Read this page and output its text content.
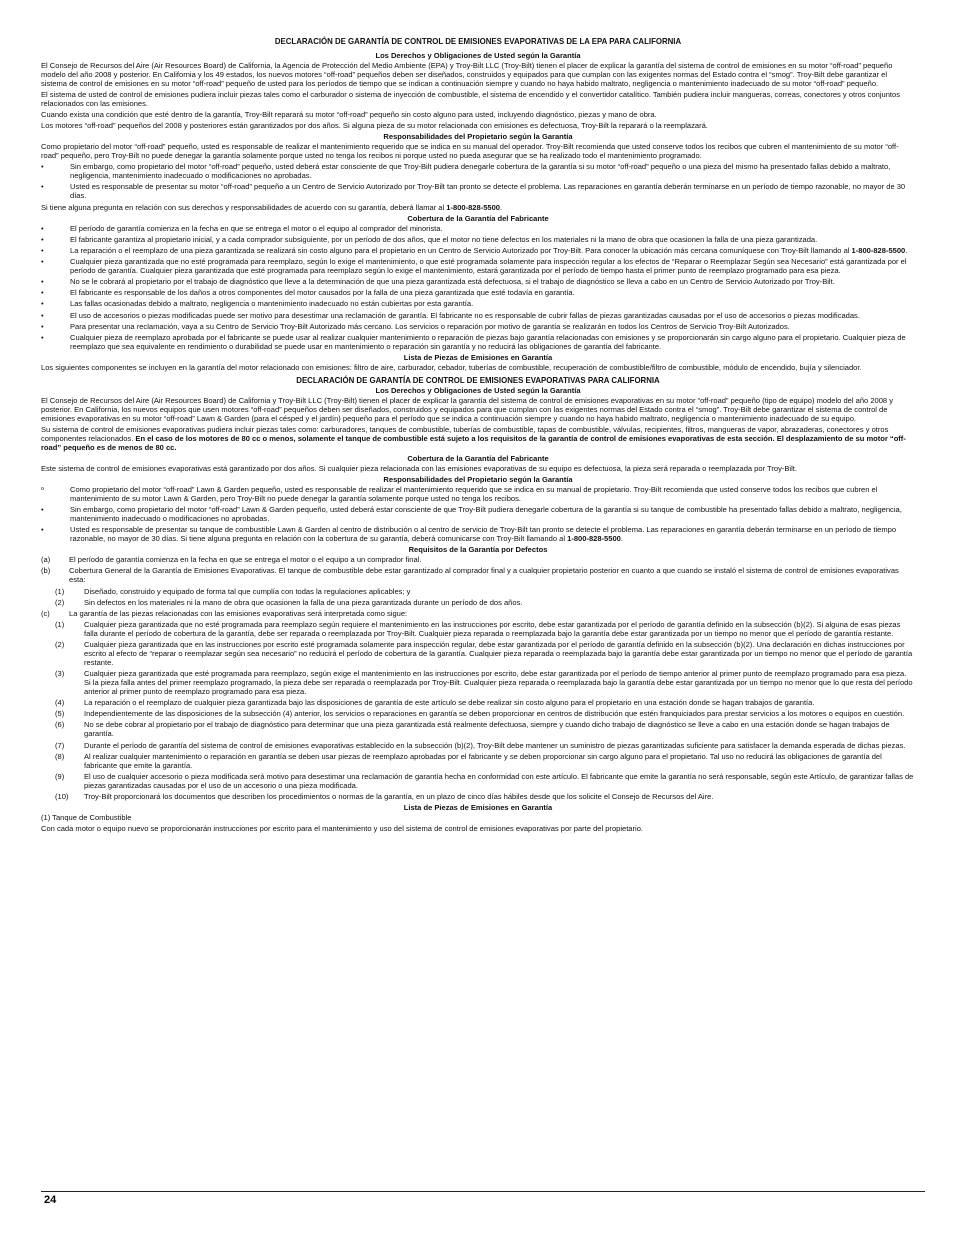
DECLARACIÓN DE GARANTÍA DE CONTROL DE EMISIONES EVAPORATIVAS DE LA EPA PARA CALIFORNIA
Los Derechos y Obligaciones de Usted según la Garantía
El Consejo de Recursos del Aire (Air Resources Board) de California, la Agencia de Protección del Medio Ambiente (EPA) y Troy-Bilt LLC (Troy-Bilt) tienen el placer de explicar la garantía del sistema de control de emisiones en su motor “off-road” pequeño modelo del año 2008 y posterior. En California y los 49 estados, los nuevos motores “off-road” pequeños deben ser diseñados, construidos y equipados para que cumplan con las exigentes normas del Estado contra el “smog”. Troy-Bilt debe garantizar el sistema de control de emisiones en su motor “off-road” pequeño de usted para los períodos de tiempo que se indican a continuación siempre y cuando no haya habido maltrato, negligencia o mantenimiento inadecuado de su motor “off-road” pequeño.
El sistema de usted de control de emisiones pudiera incluir piezas tales como el carburador o sistema de inyección de combustible, el sistema de encendido y el convertidor catalítico. También pudiera incluir mangueras, correas, conectores y otros conjuntos relacionados con las emisiones.
Cuando exista una condición que esté dentro de la garantía, Troy-Bilt reparará su motor “off-road” pequeño sin costo alguno para usted, incluyendo diagnóstico, piezas y mano de obra.
Los motores “off-road” pequeños del 2008 y posteriores están garantizados por dos años. Si alguna pieza de su motor relacionada con emisiones es defectuosa, Troy-Bilt la reparará o la reemplazará.
Responsabilidades del Propietario según la Garantía
Como propietario del motor “off-road” pequeño, usted es responsable de realizar el mantenimiento requerido que se indica en su manual del operador. Troy-Bilt recomienda que usted conserve todos los recibos que cubren el mantenimiento de su motor “off-road” pequeño, pero Troy-Bilt no puede denegar la garantía solamente porque usted no tenga los recibos ni porque usted no pueda asegurar que se ha realizado todo el mantenimiento programado.
•	Sin embargo, como propietario del motor “off-road” pequeño, usted deberá estar consciente de que Troy-Bilt pudiera denegarle cobertura de la garantía si su motor “off-road” pequeño o una pieza del mismo ha presentado fallas debido a maltrato, negligencia, mantenimiento inadecuado o modificaciones no aprobadas.
•	Usted es responsable de presentar su motor “off-road” pequeño a un Centro de Servicio Autorizado por Troy-Bilt tan pronto se detecte el problema. Las reparaciones en garantía deberán terminarse en un período de tiempo razonable, no mayor de 30 días.
Si tiene alguna pregunta en relación con sus derechos y responsabilidades de acuerdo con su garantía, deberá llamar al 1-800-828-5500.
Cobertura de la Garantía del Fabricante
•	El período de garantía comienza en la fecha en que se entrega el motor o el equipo al comprador del minorista.
•	El fabricante garantiza al propietario inicial, y a cada comprador subsiguiente, por un período de dos años, que el motor no tiene defectos en los materiales ni la mano de obra que ocasionen la falla de una pieza garantizada.
•	La reparación o el reemplazo de una pieza garantizada se realizará sin costo alguno para el propietario en un Centro de Servicio Autorizado por Troy-Bilt. Para conocer la ubicación más cercana comuníquese con Troy-Bilt llamando al 1-800-828-5500.
•	Cualquier pieza garantizada que no esté programada para reemplazo, según lo exige el mantenimiento, o que esté programada solamente para inspección regular a los efectos de “Reparar o Reemplazar Según sea Necesario” está garantizada por el período de garantía. Cualquier pieza garantizada que esté programada para reemplazo según lo exige el mantenimiento, estará garantizada por el período de tiempo hasta el primer punto de reemplazo programado para esa pieza.
•	No se le cobrará al propietario por el trabajo de diagnóstico que lleve a la determinación de que una pieza garantizada está defectuosa, si el trabajo de diagnóstico se lleva a cabo en un Centro de Servicio Autorizado por Troy-Bilt.
•	El fabricante es responsable de los daños a otros componentes del motor causados por la falla de una pieza garantizada que esté todavía en garantía.
•	Las fallas ocasionadas debido a maltrato, negligencia o mantenimiento inadecuado no están cubiertas por esta garantía.
•	El uso de accesorios o piezas modificadas puede ser motivo para desestimar una reclamación de garantía. El fabricante no es responsable de cubrir fallas de piezas garantizadas causadas por el uso de accesorios o piezas modificadas.
•	Para presentar una reclamación, vaya a su Centro de Servicio Troy-Bilt Autorizado más cercano. Los servicios o reparación por motivo de garantía se realizarán en todos los Centros de Servicio Troy-Bilt Autorizados.
•	Cualquier pieza de reemplazo aprobada por el fabricante se puede usar al realizar cualquier mantenimiento o reparación de piezas bajo garantía relacionadas con emisiones y se proporcionarán sin cargo alguno para el propietario. Cualquier pieza de reemplazo que sea equivalente en rendimiento o durabilidad se puede usar en mantenimiento o reparación sin garantía y no reducirá las obligaciones de garantía del fabricante.
Lista de Piezas de Emisiones en Garantía
Los siguientes componentes se incluyen en la garantía del motor relacionado con emisiones: filtro de aire, carburador, cebador, tuberías de combustible, recuperación de combustible/filtro de combustible, módulo de encendido, bujía y silenciador.
DECLARACIÓN DE GARANTÍA DE CONTROL DE EMISIONES EVAPORATIVAS PARA CALIFORNIA
Los Derechos y Obligaciones de Usted según la Garantía
El Consejo de Recursos del Aire (Air Resources Board) de California y Troy-Bilt LLC (Troy-Bilt) tienen el placer de explicar la garantía del sistema de control de emisiones evaporativas en su motor “off-road” pequeño (tipo de equipo) modelo del año 2008 y posterior. En California, los nuevos equipos que usen motores “off-road” pequeños deben ser diseñados, construidos y equipados para que cumplan con las exigentes normas del Estado contra el “smog”. Troy-Bilt debe garantizar el sistema de control de emisiones evaporativas en su motor “off-road” Lawn & Garden (para el césped y el jardín) pequeño para el período que se indica a continuación siempre y cuando no haya habido maltrato, negligencia o mantenimiento inadecuado de su equipo.
Su sistema de control de emisiones evaporativas pudiera incluir piezas tales como: carburadores, tanques de combustible, tuberías de combustible, tapas de combustible, válvulas, recipientes, filtros, mangueras de vapor, abrazaderas, conectores y otros componentes relacionados. En el caso de los motores de 80 cc o menos, solamente el tanque de combustible está sujeto a los requisitos de la garantía de control de emisiones evaporativas de esta sección. El desplazamiento de su motor “off-road” pequeño es de menos de 80 cc.
Cobertura de la Garantía del Fabricante
Este sistema de control de emisiones evaporativas está garantizado por dos años. Si cualquier pieza relacionada con las emisiones evaporativas de su equipo es defectuosa, la pieza será reparada o reemplazada por Troy-Bilt.
Responsabilidades del Propietario según la Garantía
º	Como propietario del motor “off-road” Lawn & Garden pequeño, usted es responsable de realizar el mantenimiento requerido que se indica en su manual de propietario. Troy-Bilt recomienda que usted conserve todos los recibos que cubren el mantenimiento de su motor Lawn & Garden, pero Troy-Bilt no puede denegar la garantía solamente porque usted no tenga los recibos.
•	Sin embargo, como propietario del motor “off-road” Lawn & Garden pequeño, usted deberá estar consciente de que Troy-Bilt pudiera denegarle cobertura de la garantía si su tanque de combustible ha presentado fallas debido a maltrato, negligencia, mantenimiento inadecuado o modificaciones no aprobadas.
•	Usted es responsable de presentar su tanque de combustible Lawn & Garden al centro de distribución o al centro de servicio de Troy-Bilt tan pronto se detecte el problema. Las reparaciones en garantía deberán terminarse en un período de tiempo razonable, no mayor de 30 días. Si tiene alguna pregunta en relación con la cobertura de su garantía, deberá comunicarse con Troy-Bilt llamando al 1-800-828-5500.
Requisitos de la Garantía por Defectos
(a) El período de garantía comienza en la fecha en que se entrega el motor o el equipo a un comprador final.
(b) Cobertura General de la Garantía de Emisiones Evaporativas. El tanque de combustible debe estar garantizado al comprador final y a cualquier propietario posterior en cuanto a que cuando se instaló el sistema de control de emisiones evaporativas esta:
(1)	Diseñado, construido y equipado de forma tal que cumplía con todas la regulaciones aplicables; y
(2)	Sin defectos en los materiales ni la mano de obra que ocasionen la falla de una pieza garantizada durante un período de dos años.
(c)	La garantía de las piezas relacionadas con las emisiones evaporativas será interpretada como sigue:
(1)	Cualquier pieza garantizada que no esté programada para reemplazo según requiere el mantenimiento en las instrucciones por escrito, debe estar garantizada por el período de garantía definido en la subsección (b)(2). Si alguna de esas piezas falla durante el período de cobertura de la garantía, debe ser reparada o reemplazada por Troy-Bilt. Cualquier pieza reparada o reemplazada bajo la garantía debe estar garantizada por un tiempo no menor que el período de garantía restante.
(2)	Cualquier pieza garantizada que en las instrucciones por escrito esté programada solamente para inspección regular, debe estar garantizada por el período de garantía definido en la subsección (b)(2). Una declaración en dichas instrucciones por escrito al efecto de “reparar o reemplazar según sea necesario” no reducirá el período de cobertura de la garantía. Cualquier pieza reparada o reemplazada bajo la garantía debe estar garantizada por un tiempo no menor que el período de garantía restante.
(3)	Cualquier pieza garantizada que esté programada para reemplazo, según exige el mantenimiento en las instrucciones por escrito, debe estar garantizada por el período de tiempo anterior al primer punto de reemplazo programado para esa pieza. Si la pieza falla antes del primer reemplazo programado, la pieza debe ser reparada o reemplazada por Troy-Bilt. Cualquier pieza reparada o reemplazada bajo la garantía debe estar garantizada por un tiempo no menor que lo que resta del período anterior al primer punto de reemplazo programado para esa pieza.
(4)	La reparación o el reemplazo de cualquier pieza garantizada bajo las disposiciones de garantía de este artículo se debe realizar sin costo alguno para el propietario en una estación donde se hagan trabajos de garantía.
(5)	Independientemente de las disposiciones de la subsección (4) anterior, los servicios o reparaciones en garantía se deben proporcionar en centros de distribución que estén franquiciados para prestar servicios a los motores o equipos en cuestión.
(6)	No se debe cobrar al propietario por el trabajo de diagnóstico para determinar que una pieza garantizada está realmente defectuosa, siempre y cuando dicho trabajo de diagnóstico se lleve a cabo en una estación donde se hagan trabajos de garantía.
(7)	Durante el período de garantía del sistema de control de emisiones evaporativas establecido en la subsección (b)(2), Troy-Bilt debe mantener un suministro de piezas garantizadas suficiente para satisfacer la demanda esperada de dichas piezas.
(8)	Al realizar cualquier mantenimiento o reparación en garantía se deben usar piezas de reemplazo aprobadas por el fabricante y se deben proporcionar sin cargo alguno para el propietario. Tal uso no reducirá las obligaciones de garantía del fabricante que emite la garantía.
(9)	El uso de cualquier accesorio o pieza modificada será motivo para desestimar una reclamación de garantía hecha en conformidad con este artículo. El fabricante que emite la garantía no será responsable, según este Artículo, de garantizar fallas de piezas garantizadas causadas por el uso de un accesorio o una pieza modificada.
(10) Troy-Bilt proporcionará los documentos que describen los procedimientos o normas de la garantía, en un plazo de cinco días hábiles desde que los solicite el Consejo de Recursos del Aire.
Lista de Piezas de Emisiones en Garantía
(1) Tanque de Combustible
Con cada motor o equipo nuevo se proporcionarán instrucciones por escrito para el mantenimiento y uso del sistema de control de emisiones evaporativas por parte del propietario.
24
